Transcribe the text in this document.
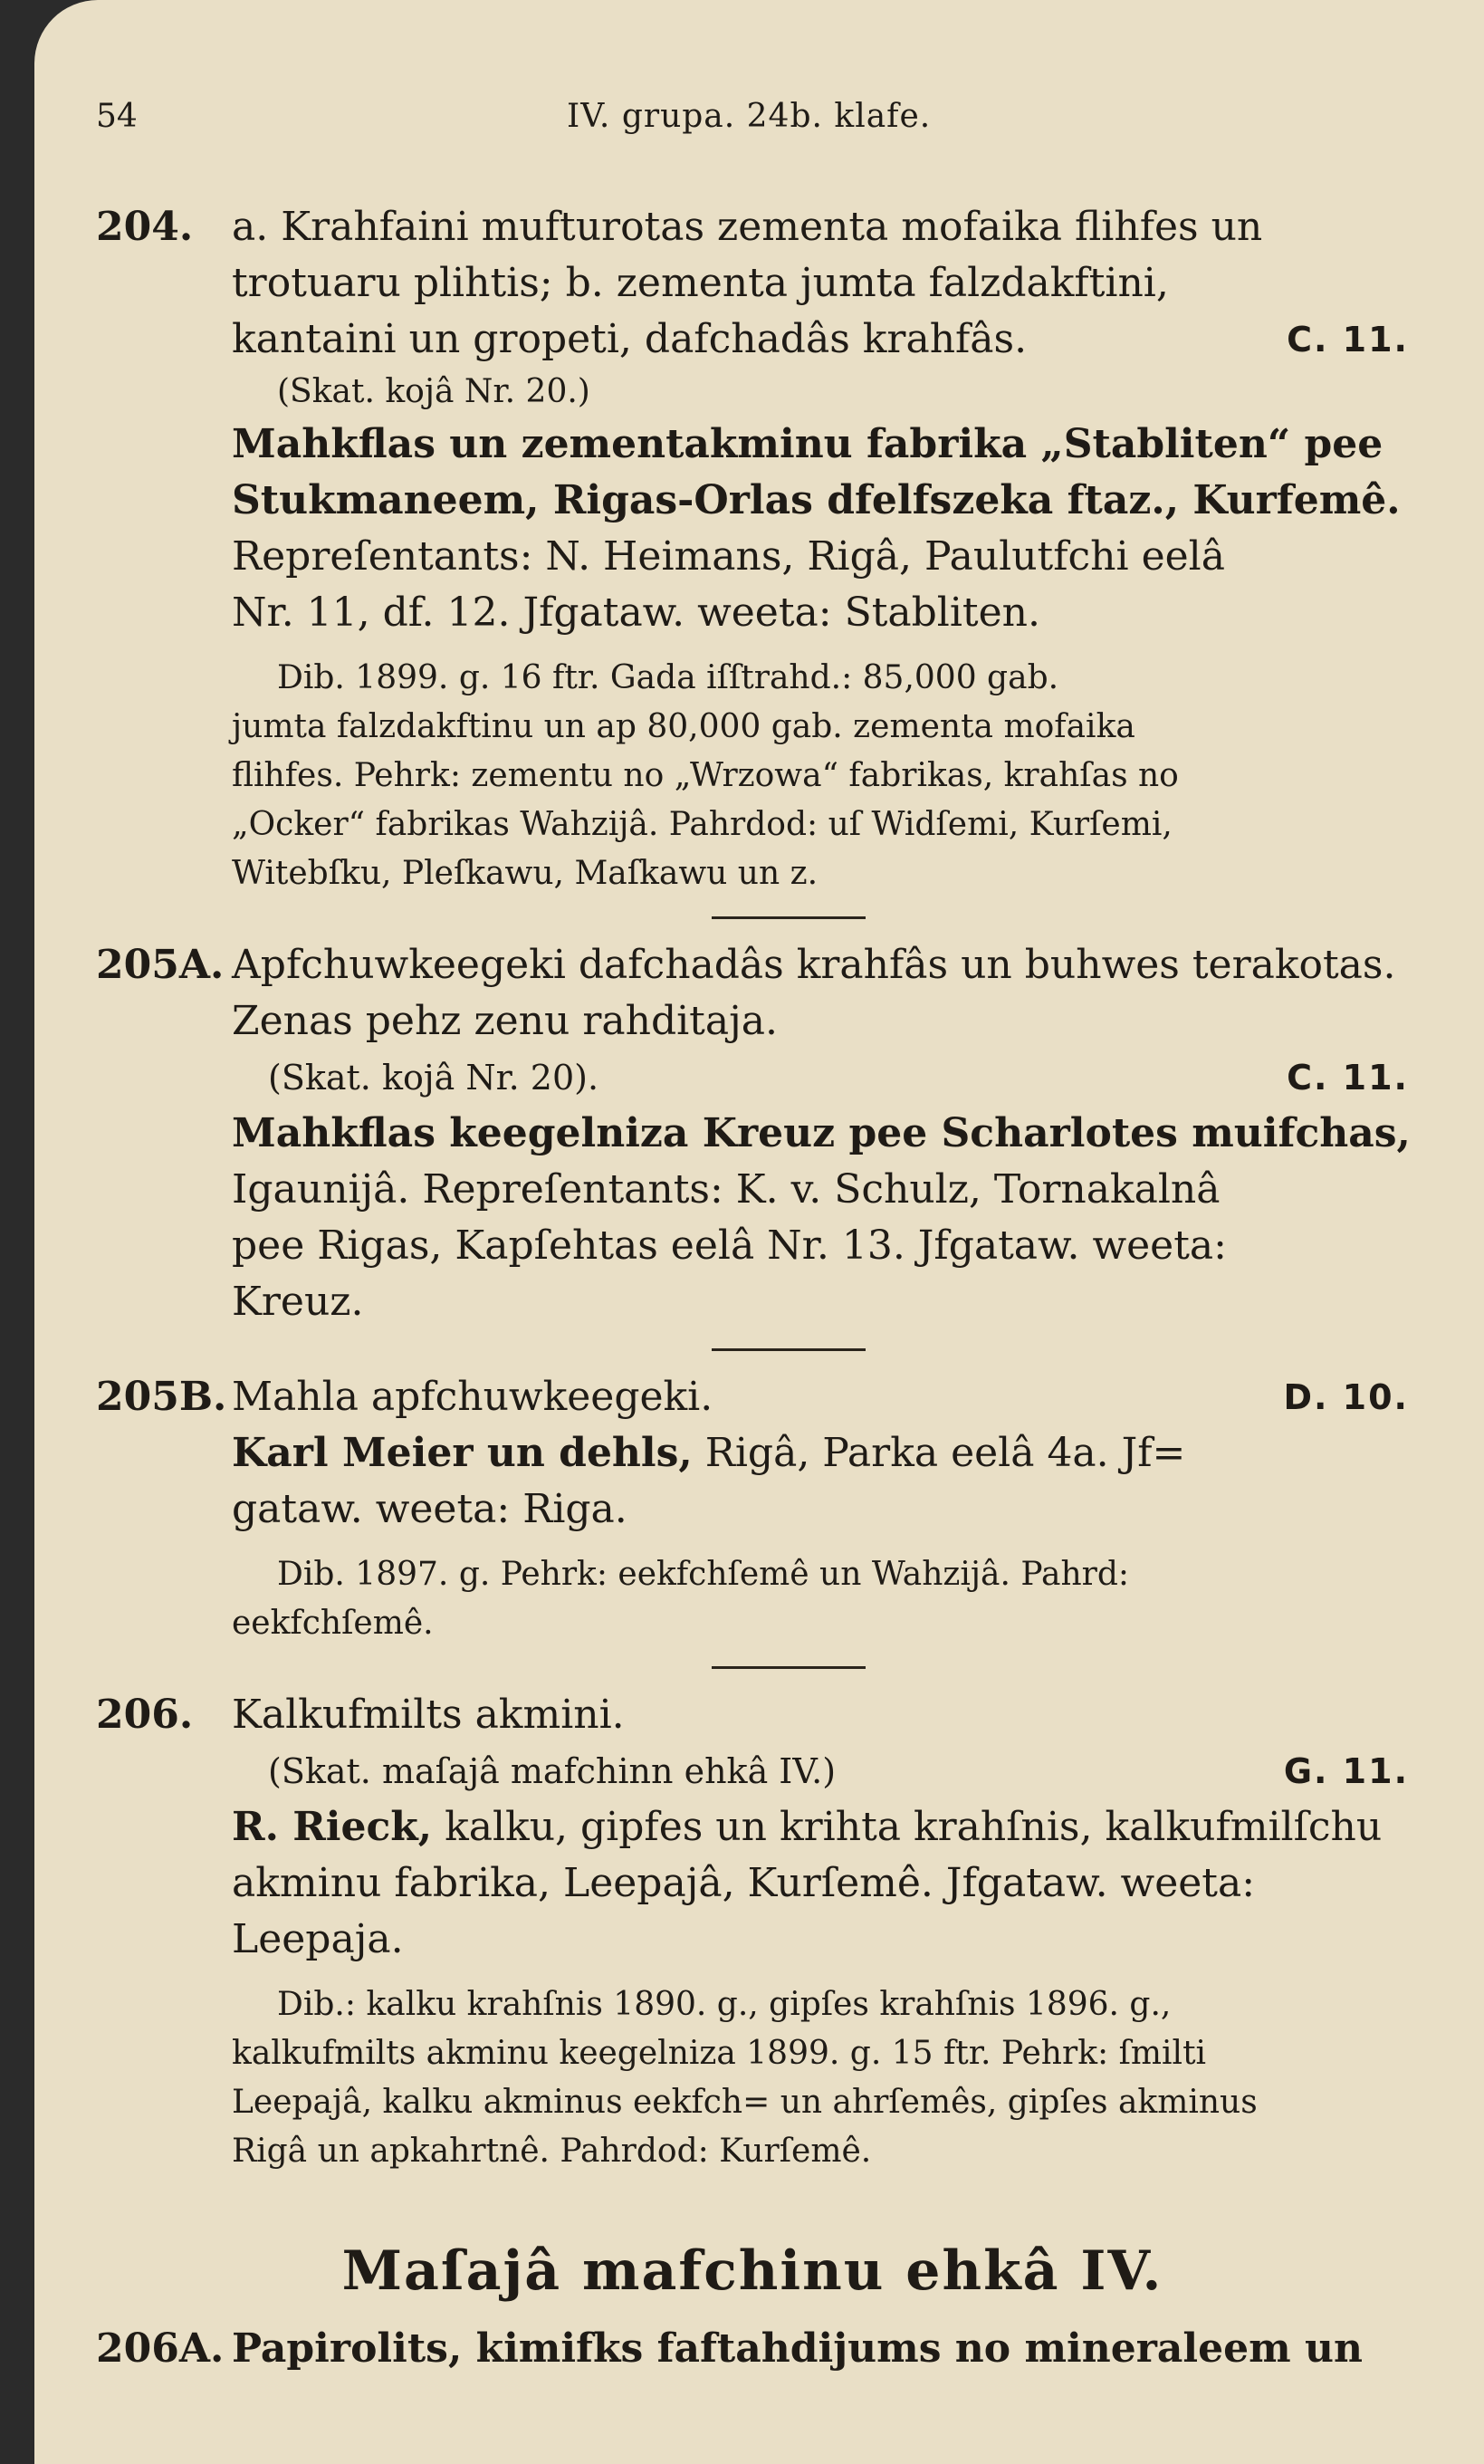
54	IV. grupa. 24b. klafe.
204. a. Krahfaini mufturotas zementa mofaika flihfes un
trotuaru plihtis; b. zementa jumta falzdakftini,
kantaini un gropeti, dafchadâs krahfâs.	C. 11.
(Skat. kojâ Nr. 20.)
Mahkflas un zementakminu fabrika „Stabliten“ pee
Stukmaneem, Rigas-Orlas dfelfszeka ftaz., Kurfemê.
Repreſentants: N. Heimans, Rigâ, Paulutfchi eelâ
Nr. 11, df. 12. Jfgataw. weeta: Stabliten.
Dib. 1899. g. 16 ftr. Gada iſſtrahd.: 85,000 gab.
jumta falzdakftinu un ap 80,000 gab. zementa mofaika
flihfes. Pehrk: zementu no „Wrzowa“ fabrikas, krahſas no
„Ocker“ fabrikas Wahzijâ. Pahrdod: uſ Widſemi, Kurſemi,
Witebſku, Pleſkawu, Maſkawu un z.
205A. Apfchuwkeegeki dafchadâs krahfâs un buhwes terakotas.
Zenas pehz zenu rahditaja.
(Skat. kojâ Nr. 20).	C. 11.
Mahkflas keegelniza Kreuz pee Scharlotes muifchas,
Igaunijâ. Repreſentants: K. v. Schulz, Tornakalnâ
pee Rigas, Kapſehtas eelâ Nr. 13. Jfgataw. weeta:
Kreuz.
205B. Mahla apfchuwkeegeki.	D. 10.
Karl Meier un dehls, Rigâ, Parka eelâ 4a. Jf=
gataw. weeta: Riga.
Dib. 1897. g. Pehrk: eekfchſemê un Wahzijâ. Pahrd:
eekfchſemê.
206. Kalkufmilts akmini.
(Skat. maſajâ mafchinn ehkâ IV.)	G. 11.
R. Rieck, kalku, gipfes un krihta krahſnis, kalkufmilſchu
akminu fabrika, Leepajâ, Kurſemê. Jfgataw. weeta:
Leepaja.
Dib.: kalku krahſnis 1890. g., gipſes krahſnis 1896. g.,
kalkufmilts akminu keegelniza 1899. g. 15 ftr. Pehrk: ſmilti
Leepajâ, kalku akminus eekfch= un ahrſemês, gipſes akminus
Rigâ un apkahrtnê. Pahrdod: Kurſemê.
Maſajâ mafchinu ehkâ IV.
206A. Papirolits, kimifks faftahdijums no mineraleem un
